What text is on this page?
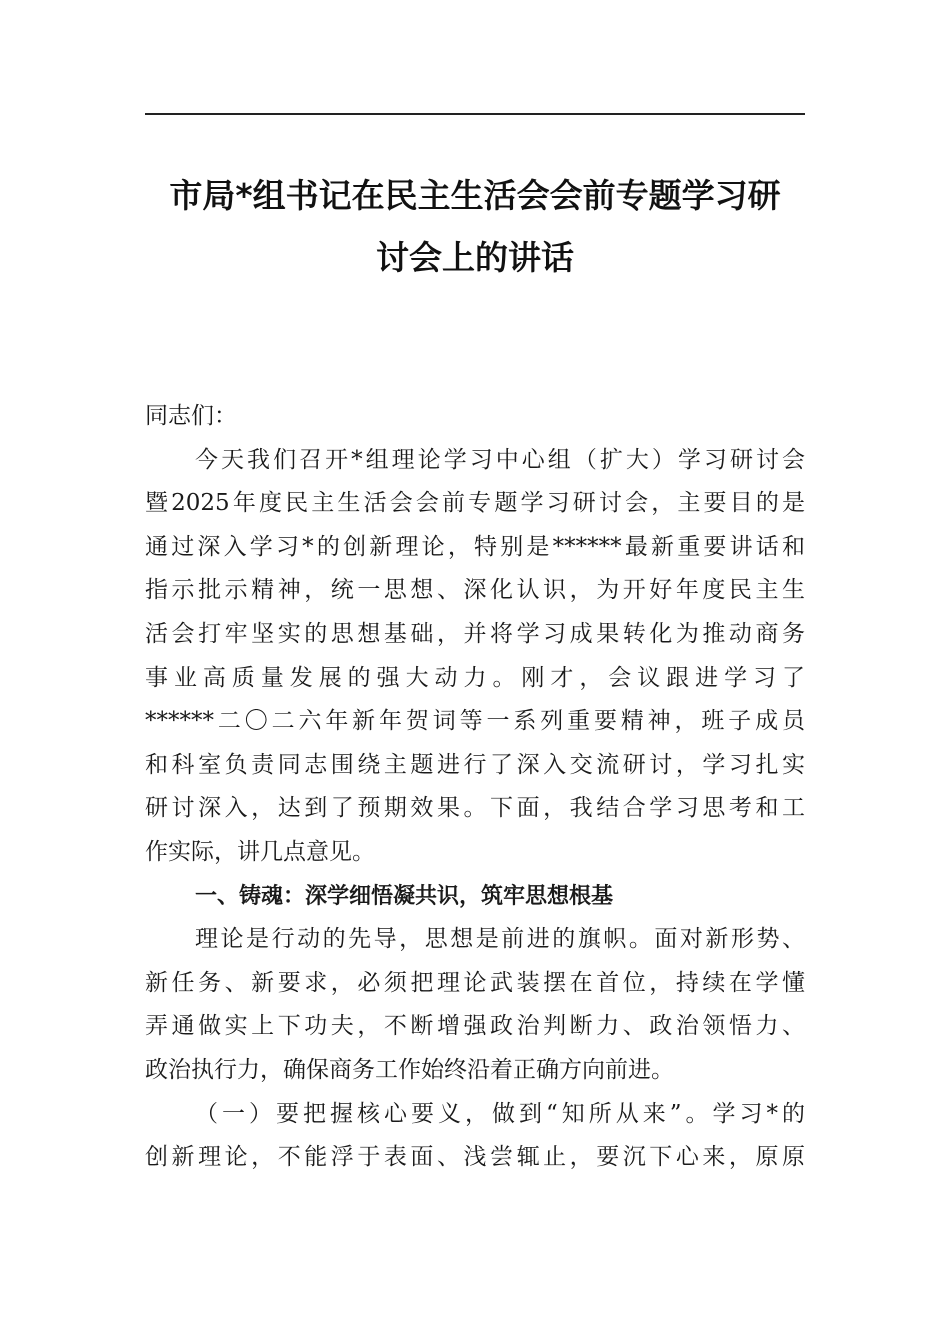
市局*组书记在民主生活会会前专题学习研
讨会上的讲话
同志们：
今天我们召开*组理论学习中心组（扩大）学习研讨会
暨2025年度民主生活会会前专题学习研讨会，主要目的是
通过深入学习*的创新理论，特别是******最新重要讲话和
指示批示精神，统一思想、深化认识，为开好年度民主生
活会打牢坚实的思想基础，并将学习成果转化为推动商务
事业高质量发展的强大动力。刚才，会议跟进学习了
******二〇二六年新年贺词等一系列重要精神，班子成员
和科室负责同志围绕主题进行了深入交流研讨，学习扎实
研讨深入，达到了预期效果。下面，我结合学习思考和工
作实际，讲几点意见。
一、铸魂：深学细悟凝共识，筑牢思想根基
理论是行动的先导，思想是前进的旗帜。面对新形势、
新任务、新要求，必须把理论武装摆在首位，持续在学懂
弄通做实上下功夫，不断增强政治判断力、政治领悟力、
政治执行力，确保商务工作始终沿着正确方向前进。
（一）要把握核心要义，做到“知所从来”。学习*的
创新理论，不能浮于表面、浅尝辄止，要沉下心来，原原
